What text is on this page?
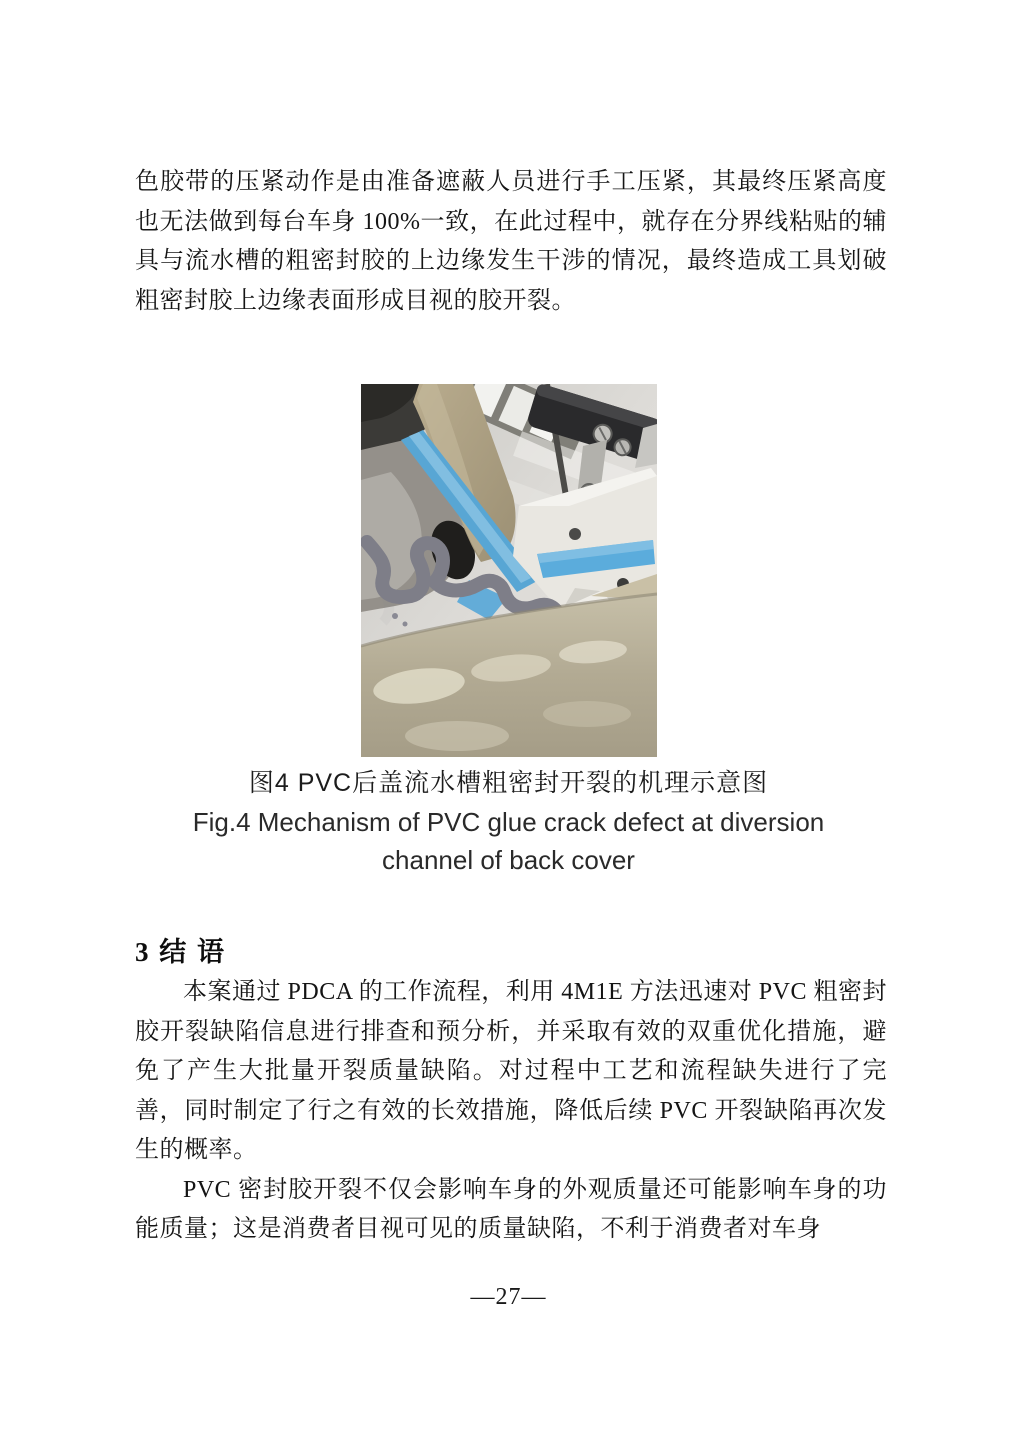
色胶带的压紧动作是由准备遮蔽人员进行手工压紧，其最终压紧高度也无法做到每台车身 100%一致，在此过程中，就存在分界线粘贴的辅具与流水槽的粗密封胶的上边缘发生干涉的情况，最终造成工具划破粗密封胶上边缘表面形成目视的胶开裂。
图4 PVC后盖流水槽粗密封开裂的机理示意图
Fig.4 Mechanism of PVC glue crack defect at diversion
channel of back cover
3 结 语

本案通过 PDCA 的工作流程，利用 4M1E 方法迅速对 PVC 粗密封胶开裂缺陷信息进行排查和预分析，并采取有效的双重优化措施，避免了产生大批量开裂质量缺陷。对过程中工艺和流程缺失进行了完善，同时制定了行之有效的长效措施，降低后续 PVC 开裂缺陷再次发生的概率。

PVC 密封胶开裂不仅会影响车身的外观质量还可能影响车身的功能质量；这是消费者目视可见的质量缺陷，不利于消费者对车身

—27—
